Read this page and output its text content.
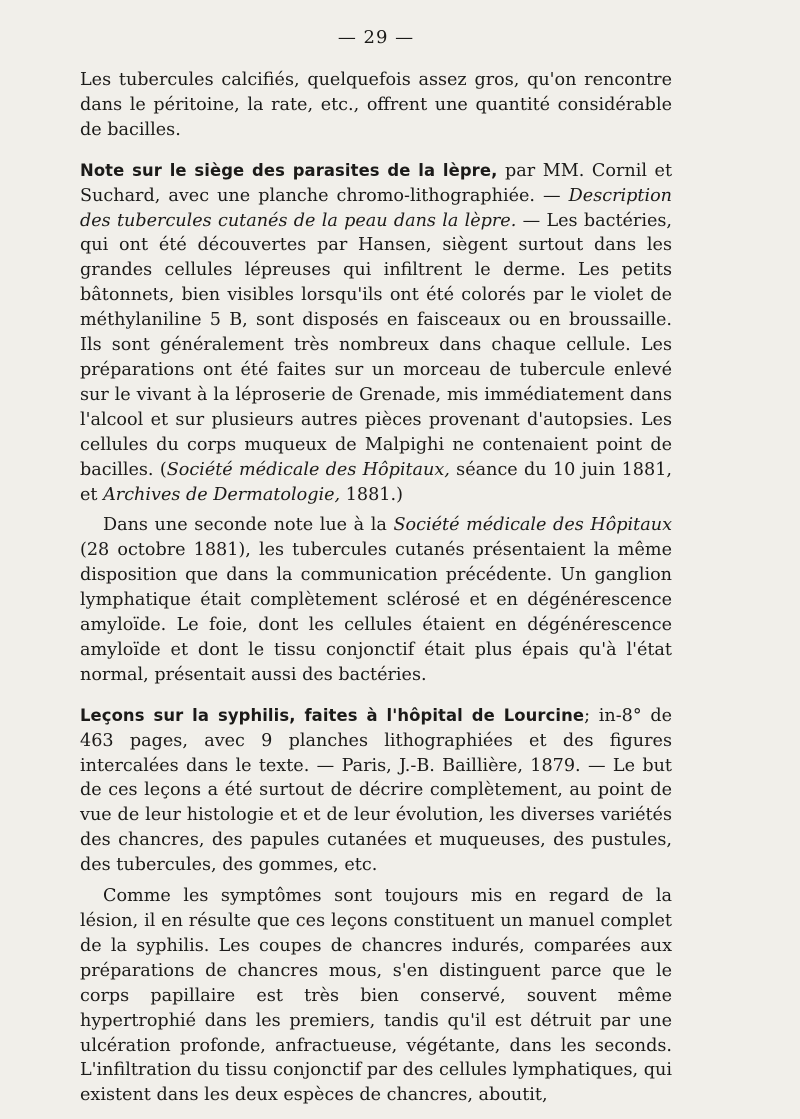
— 29 —

Les tubercules calcifiés, quelquefois assez gros, qu'on rencontre dans le péritoine, la rate, etc., offrent une quantité considérable de bacilles.

Note sur le siège des parasites de la lèpre, par MM. Cornil et Suchard, avec une planche chromo-lithographiée. — Description des tubercules cutanés de la peau dans la lèpre. — Les bactéries, qui ont été découvertes par Hansen, siègent surtout dans les grandes cellules lépreuses qui infiltrent le derme. Les petits bâtonnets, bien visibles lorsqu'ils ont été colorés par le violet de méthylaniline 5 B, sont disposés en faisceaux ou en broussaille. Ils sont généralement très nombreux dans chaque cellule. Les préparations ont été faites sur un morceau de tubercule enlevé sur le vivant à la léproserie de Grenade, mis immédiatement dans l'alcool et sur plusieurs autres pièces provenant d'autopsies. Les cellules du corps muqueux de Malpighi ne contenaient point de bacilles. (Société médicale des Hôpitaux, séance du 10 juin 1881, et Archives de Dermatologie, 1881.)

Dans une seconde note lue à la Société médicale des Hôpitaux (28 octobre 1881), les tubercules cutanés présentaient la même disposition que dans la communication précédente. Un ganglion lymphatique était complètement sclérosé et en dégénérescence amyloïde. Le foie, dont les cellules étaient en dégénérescence amyloïde et dont le tissu conjonctif était plus épais qu'à l'état normal, présentait aussi des bactéries.

Leçons sur la syphilis, faites à l'hôpital de Lourcine; in-8° de 463 pages, avec 9 planches lithographiées et des figures intercalées dans le texte. — Paris, J.-B. Baillière, 1879. — Le but de ces leçons a été surtout de décrire complètement, au point de vue de leur histologie et et de leur évolution, les diverses variétés des chancres, des papules cutanées et muqueuses, des pustules, des tubercules, des gommes, etc.

Comme les symptômes sont toujours mis en regard de la lésion, il en résulte que ces leçons constituent un manuel complet de la syphilis. Les coupes de chancres indurés, comparées aux préparations de chancres mous, s'en distinguent parce que le corps papillaire est très bien conservé, souvent même hypertrophié dans les premiers, tandis qu'il est détruit par une ulcération profonde, anfractueuse, végétante, dans les seconds. L'infiltration du tissu conjonctif par des cellules lymphatiques, qui existent dans les deux espèces de chancres, aboutit,
